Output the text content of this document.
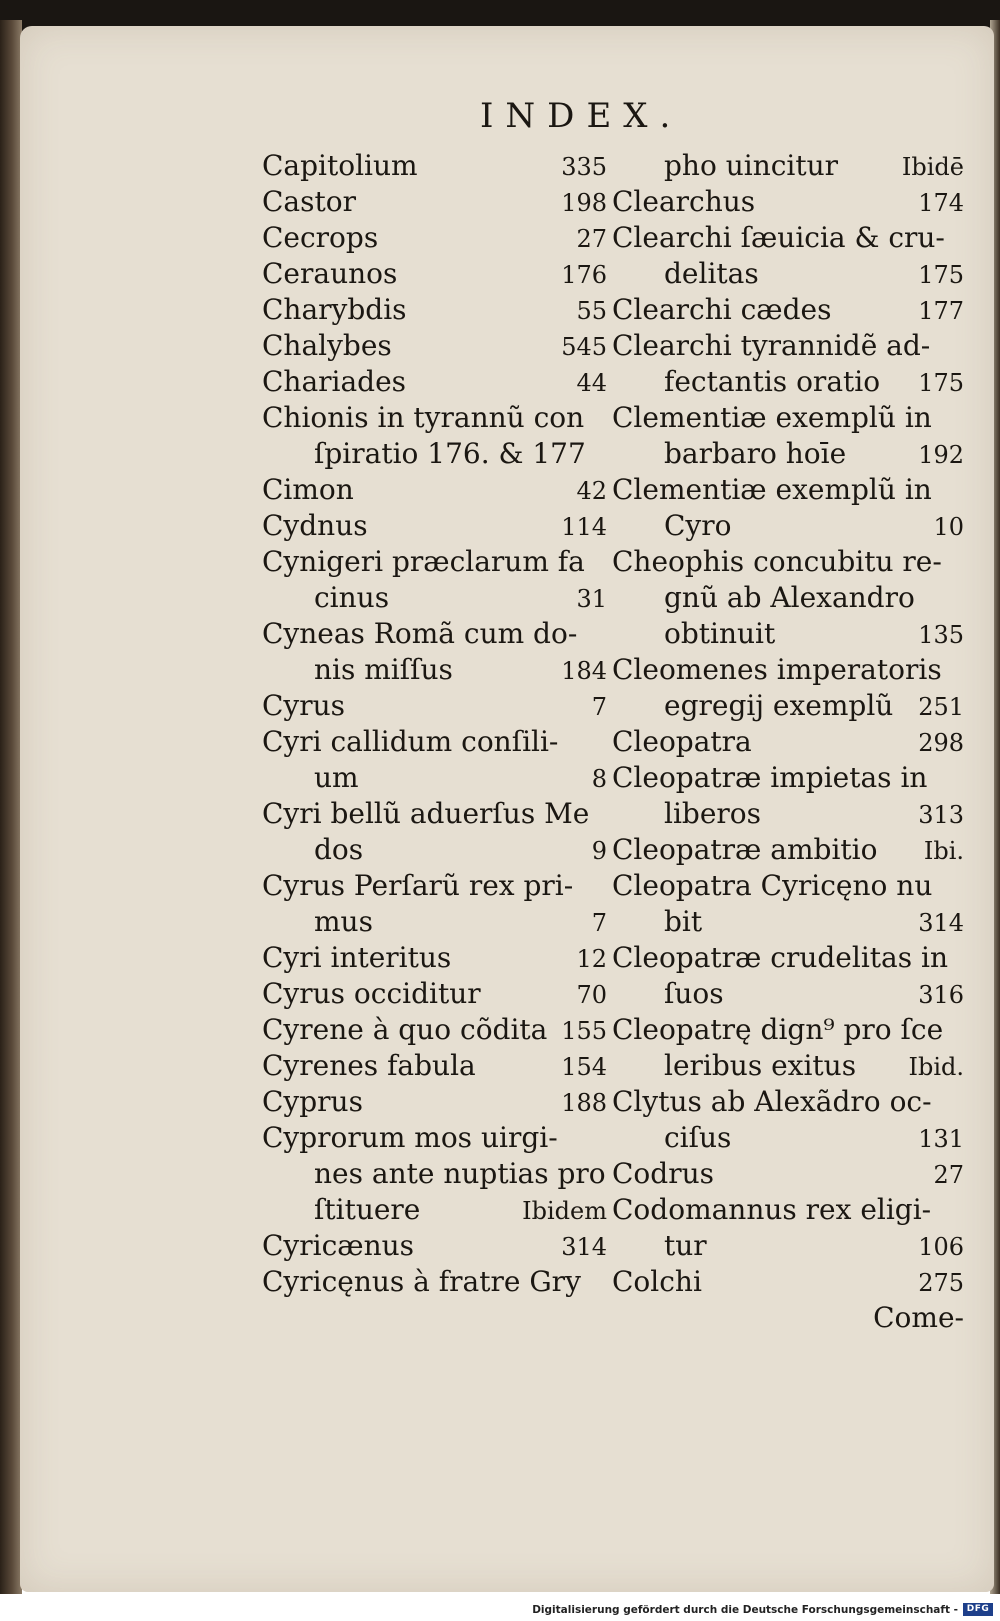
INDEX.
Capitolium	335
Castor	198
Cecrops	27
Ceraunos	176
Charybdis	55
Chalybes	545
Chariades	44
Chionis in tyrannũ con
ſpiratio 176. & 177
Cimon	42
Cydnus	114
Cynigeri præclarum fa
cinus	31
Cyneas Romã cum do-
nis miſſus	184
Cyrus	7
Cyri callidum conſili-
um	8
Cyri bellũ aduerſus Me
dos	9
Cyrus Perſarũ rex pri-
mus	7
Cyri interitus	12
Cyrus occiditur	70
Cyrene à quo cõdita 155
Cyrenes fabula	154
Cyprus	188
Cyprorum mos uirgi-
nes ante nuptias pro
ſtituere	Ibidem
Cyricænus	314
Cyricęnus à fratre Gry
pho uincitur	Ibidē
Clearchus	174
Clearchi ſæuicia & cru-
delitas	175
Clearchi cædes	177
Clearchi tyrannidẽ ad-
fectantis oratio 175
Clementiæ exemplũ in
barbaro hoīe	192
Clementiæ exemplũ in
Cyro	10
Cheophis concubitu re-
gnũ ab Alexandro
obtinuit	135
Cleomenes imperatoris
egregij exemplũ 251
Cleopatra	298
Cleopatræ impietas in
liberos	313
Cleopatræ ambitio Ibi.
Cleopatra Cyricęno nu
bit	314
Cleopatræ crudelitas in
ſuos	316
Cleopatrę dign⁹ pro ſce
leribus exitus Ibid.
Clytus ab Alexãdro oc-
ciſus	131
Codrus	27
Codomannus rex eligi-
tur	106
Colchi	275
Come-
Digitalisierung gefördert durch die Deutsche Forschungsgemeinschaft - DFG
